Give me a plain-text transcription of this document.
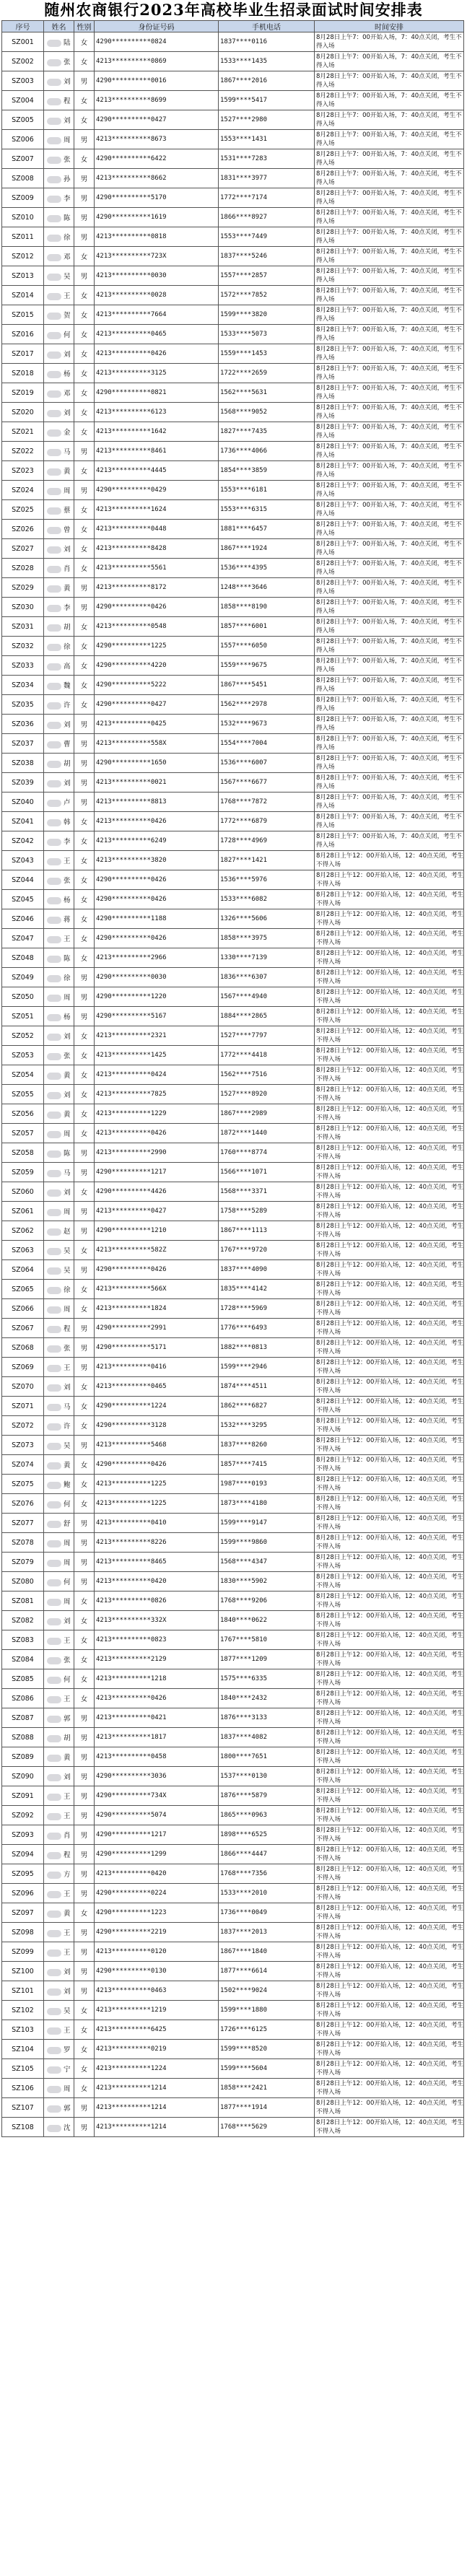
随州农商银行2023年高校毕业生招录面试时间安排表
序号	姓名	性别	身份证号码	手机电话	时间安排
SZ001	陆	女	4290**********0824	1837****0116	8月28日上午7：00开始入场，7：40点关闭，考生不得入场
SZ002	张	女	4213**********0869	1533****1435	8月28日上午7：00开始入场，7：40点关闭，考生不得入场
SZ003	刘	男	4290**********0016	1867****2016	8月28日上午7：00开始入场，7：40点关闭，考生不得入场
SZ004	程	女	4213**********8699	1599****5417	8月28日上午7：00开始入场，7：40点关闭，考生不得入场
SZ005	刘	女	4290**********0427	1527****2980	8月28日上午7：00开始入场，7：40点关闭，考生不得入场
SZ006	周	男	4213**********8673	1553****1431	8月28日上午7：00开始入场，7：40点关闭，考生不得入场
SZ007	张	女	4290**********6422	1531****7283	8月28日上午7：00开始入场，7：40点关闭，考生不得入场
SZ008	孙	男	4213**********8662	1831****3977	8月28日上午7：00开始入场，7：40点关闭，考生不得入场
SZ009	李	男	4290**********5170	1772****7174	8月28日上午7：00开始入场，7：40点关闭，考生不得入场
SZ010	陈	男	4290**********1619	1866****8927	8月28日上午7：00开始入场，7：40点关闭，考生不得入场
SZ011	徐	男	4213**********0818	1553****7449	8月28日上午7：00开始入场，7：40点关闭，考生不得入场
SZ012	邓	女	4213**********723X	1837****5246	8月28日上午7：00开始入场，7：40点关闭，考生不得入场
SZ013	吴	男	4213**********0030	1557****2857	8月28日上午7：00开始入场，7：40点关闭，考生不得入场
SZ014	王	女	4213**********0028	1572****7852	8月28日上午7：00开始入场，7：40点关闭，考生不得入场
SZ015	贺	女	4213**********7664	1599****3820	8月28日上午7：00开始入场，7：40点关闭，考生不得入场
SZ016	何	女	4213**********0465	1533****5073	8月28日上午7：00开始入场，7：40点关闭，考生不得入场
SZ017	刘	女	4213**********0426	1559****1453	8月28日上午7：00开始入场，7：40点关闭，考生不得入场
SZ018	杨	女	4213**********3125	1722****2659	8月28日上午7：00开始入场，7：40点关闭，考生不得入场
SZ019	邓	女	4290**********0821	1562****5631	8月28日上午7：00开始入场，7：40点关闭，考生不得入场
SZ020	刘	女	4213**********6123	1568****9052	8月28日上午7：00开始入场，7：40点关闭，考生不得入场
SZ021	金	女	4213**********1642	1827****7435	8月28日上午7：00开始入场，7：40点关闭，考生不得入场
SZ022	马	男	4213**********8461	1736****4066	8月28日上午7：00开始入场，7：40点关闭，考生不得入场
SZ023	黄	女	4213**********4445	1854****3859	8月28日上午7：00开始入场，7：40点关闭，考生不得入场
SZ024	周	男	4290**********0429	1553****6181	8月28日上午7：00开始入场，7：40点关闭，考生不得入场
SZ025	蔡	女	4213**********1624	1553****6315	8月28日上午7：00开始入场，7：40点关闭，考生不得入场
SZ026	曾	女	4213**********0448	1881****6457	8月28日上午7：00开始入场，7：40点关闭，考生不得入场
SZ027	刘	女	4213**********8428	1867****1924	8月28日上午7：00开始入场，7：40点关闭，考生不得入场
SZ028	肖	女	4213**********5561	1536****4395	8月28日上午7：00开始入场，7：40点关闭，考生不得入场
SZ029	黄	男	4213**********8172	1248****3646	8月28日上午7：00开始入场，7：40点关闭，考生不得入场
SZ030	李	男	4290**********0426	1858****8190	8月28日上午7：00开始入场，7：40点关闭，考生不得入场
SZ031	胡	女	4213**********0548	1857****6001	8月28日上午7：00开始入场，7：40点关闭，考生不得入场
SZ032	徐	女	4290**********1225	1557****6050	8月28日上午7：00开始入场，7：40点关闭，考生不得入场
SZ033	高	女	4290**********4220	1559****9675	8月28日上午7：00开始入场，7：40点关闭，考生不得入场
SZ034	魏	女	4290**********5222	1867****5451	8月28日上午7：00开始入场，7：40点关闭，考生不得入场
SZ035	许	女	4290**********0427	1562****2978	8月28日上午7：00开始入场，7：40点关闭，考生不得入场
SZ036	刘	男	4213**********0425	1532****9673	8月28日上午7：00开始入场，7：40点关闭，考生不得入场
SZ037	曹	男	4213**********558X	1554****7004	8月28日上午7：00开始入场，7：40点关闭，考生不得入场
SZ038	胡	男	4290**********1650	1536****6007	8月28日上午7：00开始入场，7：40点关闭，考生不得入场
SZ039	刘	男	4213**********0021	1567****6677	8月28日上午7：00开始入场，7：40点关闭，考生不得入场
SZ040	卢	男	4213**********8813	1768****7872	8月28日上午7：00开始入场，7：40点关闭，考生不得入场
SZ041	韩	女	4213**********0426	1772****6879	8月28日上午7：00开始入场，7：40点关闭，考生不得入场
SZ042	李	女	4213**********6249	1728****4969	8月28日上午7：00开始入场，7：40点关闭，考生不得入场
SZ043	王	女	4213**********3820	1827****1421	8月28日上午12：00开始入场，12：40点关闭，考生不得入场
SZ044	张	女	4290**********0426	1536****5976	8月28日上午12：00开始入场，12：40点关闭，考生不得入场
SZ045	杨	女	4290**********0426	1533****6082	8月28日上午12：00开始入场，12：40点关闭，考生不得入场
SZ046	蒋	女	4290**********1188	1326****5606	8月28日上午12：00开始入场，12：40点关闭，考生不得入场
SZ047	王	女	4290**********0426	1858****3975	8月28日上午12：00开始入场，12：40点关闭，考生不得入场
SZ048	陈	女	4213**********2966	1330****7139	8月28日上午12：00开始入场，12：40点关闭，考生不得入场
SZ049	徐	男	4290**********0030	1836****6307	8月28日上午12：00开始入场，12：40点关闭，考生不得入场
SZ050	周	男	4290**********1220	1567****4940	8月28日上午12：00开始入场，12：40点关闭，考生不得入场
SZ051	杨	男	4290**********5167	1884****2865	8月28日上午12：00开始入场，12：40点关闭，考生不得入场
SZ052	刘	女	4213**********2321	1527****7797	8月28日上午12：00开始入场，12：40点关闭，考生不得入场
SZ053	张	女	4213**********1425	1772****4418	8月28日上午12：00开始入场，12：40点关闭，考生不得入场
SZ054	黄	女	4213**********0424	1562****7516	8月28日上午12：00开始入场，12：40点关闭，考生不得入场
SZ055	刘	女	4213**********7825	1527****8920	8月28日上午12：00开始入场，12：40点关闭，考生不得入场
SZ056	黄	女	4213**********1229	1867****2989	8月28日上午12：00开始入场，12：40点关闭，考生不得入场
SZ057	周	女	4213**********0426	1872****1440	8月28日上午12：00开始入场，12：40点关闭，考生不得入场
SZ058	陈	男	4213**********2990	1760****8774	8月28日上午12：00开始入场，12：40点关闭，考生不得入场
SZ059	马	男	4290**********1217	1566****1071	8月28日上午12：00开始入场，12：40点关闭，考生不得入场
SZ060	刘	女	4290**********4426	1568****3371	8月28日上午12：00开始入场，12：40点关闭，考生不得入场
SZ061	周	男	4213**********0427	1758****5289	8月28日上午12：00开始入场，12：40点关闭，考生不得入场
SZ062	赵	男	4290**********1210	1867****1113	8月28日上午12：00开始入场，12：40点关闭，考生不得入场
SZ063	吴	女	4213**********582Z	1767****9720	8月28日上午12：00开始入场，12：40点关闭，考生不得入场
SZ064	吴	男	4290**********0426	1837****4090	8月28日上午12：00开始入场，12：40点关闭，考生不得入场
SZ065	徐	女	4213**********566X	1835****4142	8月28日上午12：00开始入场，12：40点关闭，考生不得入场
SZ066	周	女	4213**********1824	1728****5969	8月28日上午12：00开始入场，12：40点关闭，考生不得入场
SZ067	程	男	4290**********2991	1776****6493	8月28日上午12：00开始入场，12：40点关闭，考生不得入场
SZ068	张	男	4290**********5171	1882****0813	8月28日上午12：00开始入场，12：40点关闭，考生不得入场
SZ069	王	男	4213**********0416	1599****2946	8月28日上午12：00开始入场，12：40点关闭，考生不得入场
SZ070	刘	女	4213**********0465	1874****4511	8月28日上午12：00开始入场，12：40点关闭，考生不得入场
SZ071	马	女	4290**********1224	1862****6827	8月28日上午12：00开始入场，12：40点关闭，考生不得入场
SZ072	许	女	4290**********3128	1532****3295	8月28日上午12：00开始入场，12：40点关闭，考生不得入场
SZ073	吴	男	4213**********5468	1837****8260	8月28日上午12：00开始入场，12：40点关闭，考生不得入场
SZ074	黄	女	4290**********0426	1857****7415	8月28日上午12：00开始入场，12：40点关闭，考生不得入场
SZ075	鲍	女	4213**********1225	1987****0193	8月28日上午12：00开始入场，12：40点关闭，考生不得入场
SZ076	何	女	4213**********1225	1873****4180	8月28日上午12：00开始入场，12：40点关闭，考生不得入场
SZ077	舒	男	4213**********0410	1599****9147	8月28日上午12：00开始入场，12：40点关闭，考生不得入场
SZ078	周	男	4213**********8226	1599****9860	8月28日上午12：00开始入场，12：40点关闭，考生不得入场
SZ079	周	男	4213**********8465	1568****4347	8月28日上午12：00开始入场，12：40点关闭，考生不得入场
SZ080	何	男	4213**********0420	1830****5902	8月28日上午12：00开始入场，12：40点关闭，考生不得入场
SZ081	周	女	4213**********0826	1768****9206	8月28日上午12：00开始入场，12：40点关闭，考生不得入场
SZ082	刘	女	4213**********332X	1840****0622	8月28日上午12：00开始入场，12：40点关闭，考生不得入场
SZ083	王	女	4213**********0823	1767****5810	8月28日上午12：00开始入场，12：40点关闭，考生不得入场
SZ084	张	女	4213**********2129	1877****1209	8月28日上午12：00开始入场，12：40点关闭，考生不得入场
SZ085	何	女	4213**********1218	1575****6335	8月28日上午12：00开始入场，12：40点关闭，考生不得入场
SZ086	王	女	4213**********0426	1840****2432	8月28日上午12：00开始入场，12：40点关闭，考生不得入场
SZ087	郭	男	4213**********0421	1876****3133	8月28日上午12：00开始入场，12：40点关闭，考生不得入场
SZ088	胡	男	4213**********1817	1837****4082	8月28日上午12：00开始入场，12：40点关闭，考生不得入场
SZ089	黄	男	4213**********0458	1800****7651	8月28日上午12：00开始入场，12：40点关闭，考生不得入场
SZ090	刘	男	4290**********3036	1537****0130	8月28日上午12：00开始入场，12：40点关闭，考生不得入场
SZ091	王	男	4290**********734X	1876****5879	8月28日上午12：00开始入场，12：40点关闭，考生不得入场
SZ092	王	男	4290**********5074	1865****0963	8月28日上午12：00开始入场，12：40点关闭，考生不得入场
SZ093	肖	男	4290**********1217	1898****6525	8月28日上午12：00开始入场，12：40点关闭，考生不得入场
SZ094	程	男	4290**********1299	1866****4447	8月28日上午12：00开始入场，12：40点关闭，考生不得入场
SZ095	方	男	4213**********0420	1768****7356	8月28日上午12：00开始入场，12：40点关闭，考生不得入场
SZ096	王	男	4290**********0224	1533****2010	8月28日上午12：00开始入场，12：40点关闭，考生不得入场
SZ097	黄	女	4290**********1223	1736****0049	8月28日上午12：00开始入场，12：40点关闭，考生不得入场
SZ098	王	男	4290**********2219	1837****2013	8月28日上午12：00开始入场，12：40点关闭，考生不得入场
SZ099	王	男	4213**********0120	1867****1840	8月28日上午12：00开始入场，12：40点关闭，考生不得入场
SZ100	刘	男	4290**********0130	1877****6614	8月28日上午12：00开始入场，12：40点关闭，考生不得入场
SZ101	刘	男	4213**********0463	1502****9024	8月28日上午12：00开始入场，12：40点关闭，考生不得入场
SZ102	吴	女	4213**********1219	1599****1880	8月28日上午12：00开始入场，12：40点关闭，考生不得入场
SZ103	王	女	4213**********6425	1726****6125	8月28日上午12：00开始入场，12：40点关闭，考生不得入场
SZ104	罗	女	4213**********0219	1599****8520	8月28日上午12：00开始入场，12：40点关闭，考生不得入场
SZ105	宁	女	4213**********1224	1599****5604	8月28日上午12：00开始入场，12：40点关闭，考生不得入场
SZ106	周	女	4213**********1214	1858****2421	8月28日上午12：00开始入场，12：40点关闭，考生不得入场
SZ107	郭	男	4213**********1214	1877****1914	8月28日上午12：00开始入场，12：40点关闭，考生不得入场
SZ108	沈	男	4213**********1214	1768****5629	8月28日上午12：00开始入场，12：40点关闭，考生不得入场
